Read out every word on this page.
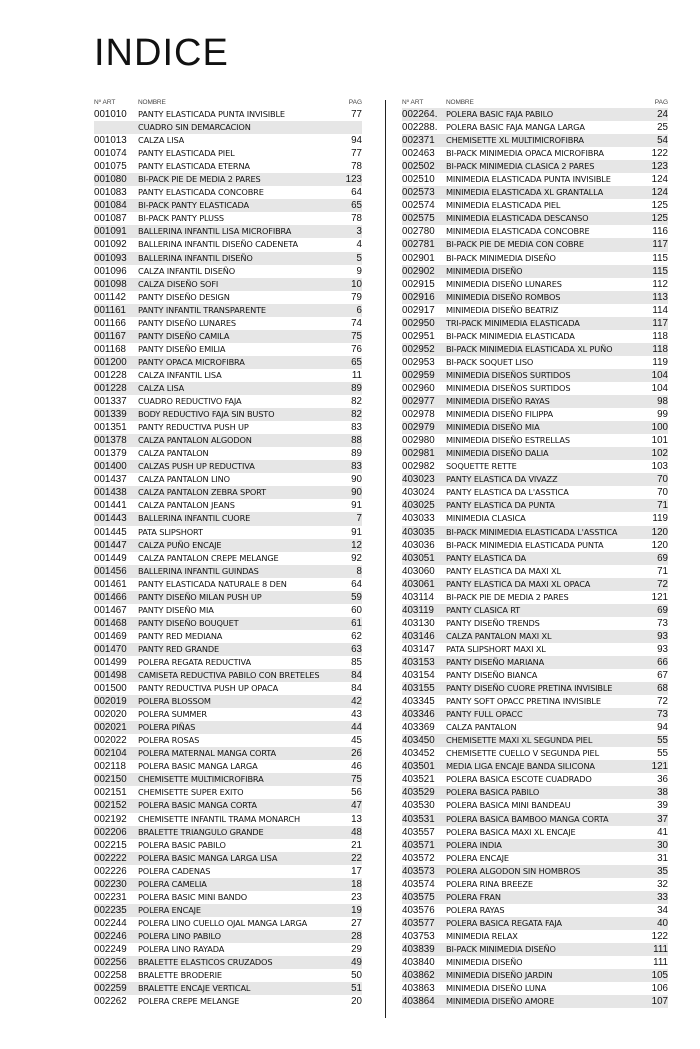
INDICE
Nº ART	NOMBRE	PAG
001010	PANTY ELASTICADA PUNTA INVISIBLE	77
CUADRO SIN DEMARCACION
001013	CALZA LISA	94
001074	PANTY ELASTICADA PIEL	77
001075	PANTY ELASTICADA ETERNA	78
001080	BI-PACK PIE DE MEDIA 2 PARES	123
001083	PANTY ELASTICADA CONCOBRE	64
001084	BI-PACK PANTY ELASTICADA	65
001087	BI-PACK PANTY PLUSS	78
001091	BALLERINA INFANTIL LISA MICROFIBRA	3
001092	BALLERINA INFANTIL DISEÑO CADENETA	4
001093	BALLERINA INFANTIL DISEÑO	5
001096	CALZA INFANTIL DISEÑO	9
001098	CALZA DISEÑO SOFI	10
001142	PANTY DISEÑO DESIGN	79
001161	PANTY INFANTIL TRANSPARENTE	6
001166	PANTY DISEÑO LUNARES	74
001167	PANTY DISEÑO CAMILA	75
001168	PANTY DISEÑO EMILIA	76
001200	PANTY OPACA MICROFIBRA	65
001228	CALZA INFANTIL LISA	11
001228	CALZA LISA	89
001337	CUADRO REDUCTIVO FAJA	82
001339	BODY REDUCTIVO FAJA SIN BUSTO	82
001351	PANTY REDUCTIVA PUSH UP	83
001378	CALZA PANTALON ALGODON	88
001379	CALZA PANTALON	89
001400	CALZAS PUSH UP REDUCTIVA	83
001437	CALZA PANTALON LINO	90
001438	CALZA PANTALON ZEBRA SPORT	90
001441	CALZA PANTALON JEANS	91
001443	BALLERINA INFANTIL CUORE	7
001445	PATA SLIPSHORT	91
001447	CALZA PUÑO ENCAJE	12
001449	CALZA PANTALON CREPE MELANGE	92
001456	BALLERINA INFANTIL GUINDAS	8
001461	PANTY ELASTICADA NATURALE 8 DEN	64
001466	PANTY DISEÑO MILAN PUSH UP	59
001467	PANTY DISEÑO MIA	60
001468	PANTY DISEÑO BOUQUET	61
001469	PANTY RED MEDIANA	62
001470	PANTY RED GRANDE	63
001499	POLERA REGATA REDUCTIVA	85
001498	CAMISETA REDUCTIVA PABILO CON BRETELES	84
001500	PANTY REDUCTIVA PUSH UP OPACA	84
002019	POLERA BLOSSOM	42
002020	POLERA SUMMER	43
002021	POLERA PIÑAS	44
002022	POLERA ROSAS	45
002104	POLERA MATERNAL MANGA CORTA	26
002118	POLERA BASIC MANGA LARGA	46
002150	CHEMISETTE MULTIMICROFIBRA	75
002151	CHEMISETTE SUPER EXITO	56
002152	POLERA BASIC MANGA CORTA	47
002192	CHEMISETTE INFANTIL TRAMA MONARCH	13
002206	BRALETTE TRIANGULO GRANDE	48
002215	POLERA BASIC PABILO	21
002222	POLERA BASIC MANGA LARGA LISA	22
002226	POLERA CADENAS	17
002230	POLERA CAMELIA	18
002231	POLERA BASIC MINI BANDO	23
002235	POLERA ENCAJE	19
002244	POLERA LINO CUELLO OJAL MANGA LARGA	27
002246	POLERA LINO PABILO	28
002249	POLERA LINO RAYADA	29
002256	BRALETTE ELASTICOS CRUZADOS	49
002258	BRALETTE BRODERIE	50
002259	BRALETTE ENCAJE VERTICAL	51
002262	POLERA CREPE MELANGE	20
Nº ART	NOMBRE	PAG
002264.	POLERA BASIC FAJA PABILO	24
002288.	POLERA BASIC FAJA MANGA LARGA	25
002371	CHEMISETTE XL MULTIMICROFIBRA	54
002463	BI-PACK MINIMEDIA OPACA MICROFIBRA	122
002502	BI-PACK MINIMEDIA CLASICA 2 PARES	123
002510	MINIMEDIA ELASTICADA PUNTA INVISIBLE	124
002573	MINIMEDIA ELASTICADA XL GRANTALLA	124
002574	MINIMEDIA ELASTICADA PIEL	125
002575	MINIMEDIA ELASTICADA DESCANSO	125
002780	MINIMEDIA ELASTICADA CONCOBRE	116
002781	BI-PACK PIE DE MEDIA CON COBRE	117
002901	BI-PACK MINIMEDIA DISEÑO	115
002902	MINIMEDIA DISEÑO	115
002915	MINIMEDIA DISEÑO LUNARES	112
002916	MINIMEDIA DISEÑO ROMBOS	113
002917	MINIMEDIA DISEÑO BEATRIZ	114
002950	TRI-PACK MINIMEDIA ELASTICADA	117
002951	BI-PACK MINIMEDIA ELASTICADA	118
002952	BI-PACK MINIMEDIA ELASTICADA XL PUÑO	118
002953	BI-PACK SOQUET LISO	119
002959	MINIMEDIA DISEÑOS SURTIDOS	104
002960	MINIMEDIA DISEÑOS SURTIDOS	104
002977	MINIMEDIA DISEÑO RAYAS	98
002978	MINIMEDIA DISEÑO FILIPPA	99
002979	MINIMEDIA DISEÑO MIA	100
002980	MINIMEDIA DISEÑO ESTRELLAS	101
002981	MINIMEDIA DISEÑO DALIA	102
002982	SOQUETTE RETTE	103
403023	PANTY ELASTICA DA VIVAZZ	70
403024	PANTY ELASTICA DA L'ASSTICA	70
403025	PANTY ELASTICA DA PUNTA	71
403033	MINIMEDIA CLASICA	119
403035	BI-PACK MINIMEDIA ELASTICADA L'ASSTICA	120
403036	BI-PACK MINIMEDIA ELASTICADA PUNTA	120
403051	PANTY ELASTICA DA	69
403060	PANTY ELASTICA DA MAXI XL	71
403061	PANTY ELASTICA DA MAXI XL OPACA	72
403114	BI-PACK PIE DE MEDIA 2 PARES	121
403119	PANTY CLASICA RT	69
403130	PANTY DISEÑO TRENDS	73
403146	CALZA PANTALON MAXI XL	93
403147	PATA SLIPSHORT MAXI XL	93
403153	PANTY DISEÑO MARIANA	66
403154	PANTY DISEÑO BIANCA	67
403155	PANTY DISEÑO CUORE PRETINA INVISIBLE	68
403345	PANTY SOFT OPACC PRETINA INVISIBLE	72
403346	PANTY FULL OPACC	73
403369	CALZA PANTALON	94
403450	CHEMISETTE MAXI XL SEGUNDA PIEL	55
403452	CHEMISETTE CUELLO V SEGUNDA PIEL	55
403501	MEDIA LIGA ENCAJE BANDA SILICONA	121
403521	POLERA BASICA ESCOTE CUADRADO	36
403529	POLERA BASICA PABILO	38
403530	POLERA BASICA MINI BANDEAU	39
403531	POLERA BASICA BAMBOO MANGA CORTA	37
403557	POLERA BASICA MAXI XL ENCAJE	41
403571	POLERA INDIA	30
403572	POLERA ENCAJE	31
403573	POLERA ALGODON SIN HOMBROS	35
403574	POLERA RINA BREEZE	32
403575	POLERA FRAN	33
403576	POLERA RAYAS	34
403577	POLERA BASICA REGATA FAJA	40
403753	MINIMEDIA RELAX	122
403839	BI-PACK MINIMEDIA DISEÑO	111
403840	MINIMEDIA DISEÑO	111
403862	MINIMEDIA DISEÑO JARDIN	105
403863	MINIMEDIA DISEÑO LUNA	106
403864	MINIMEDIA DISEÑO AMORE	107
